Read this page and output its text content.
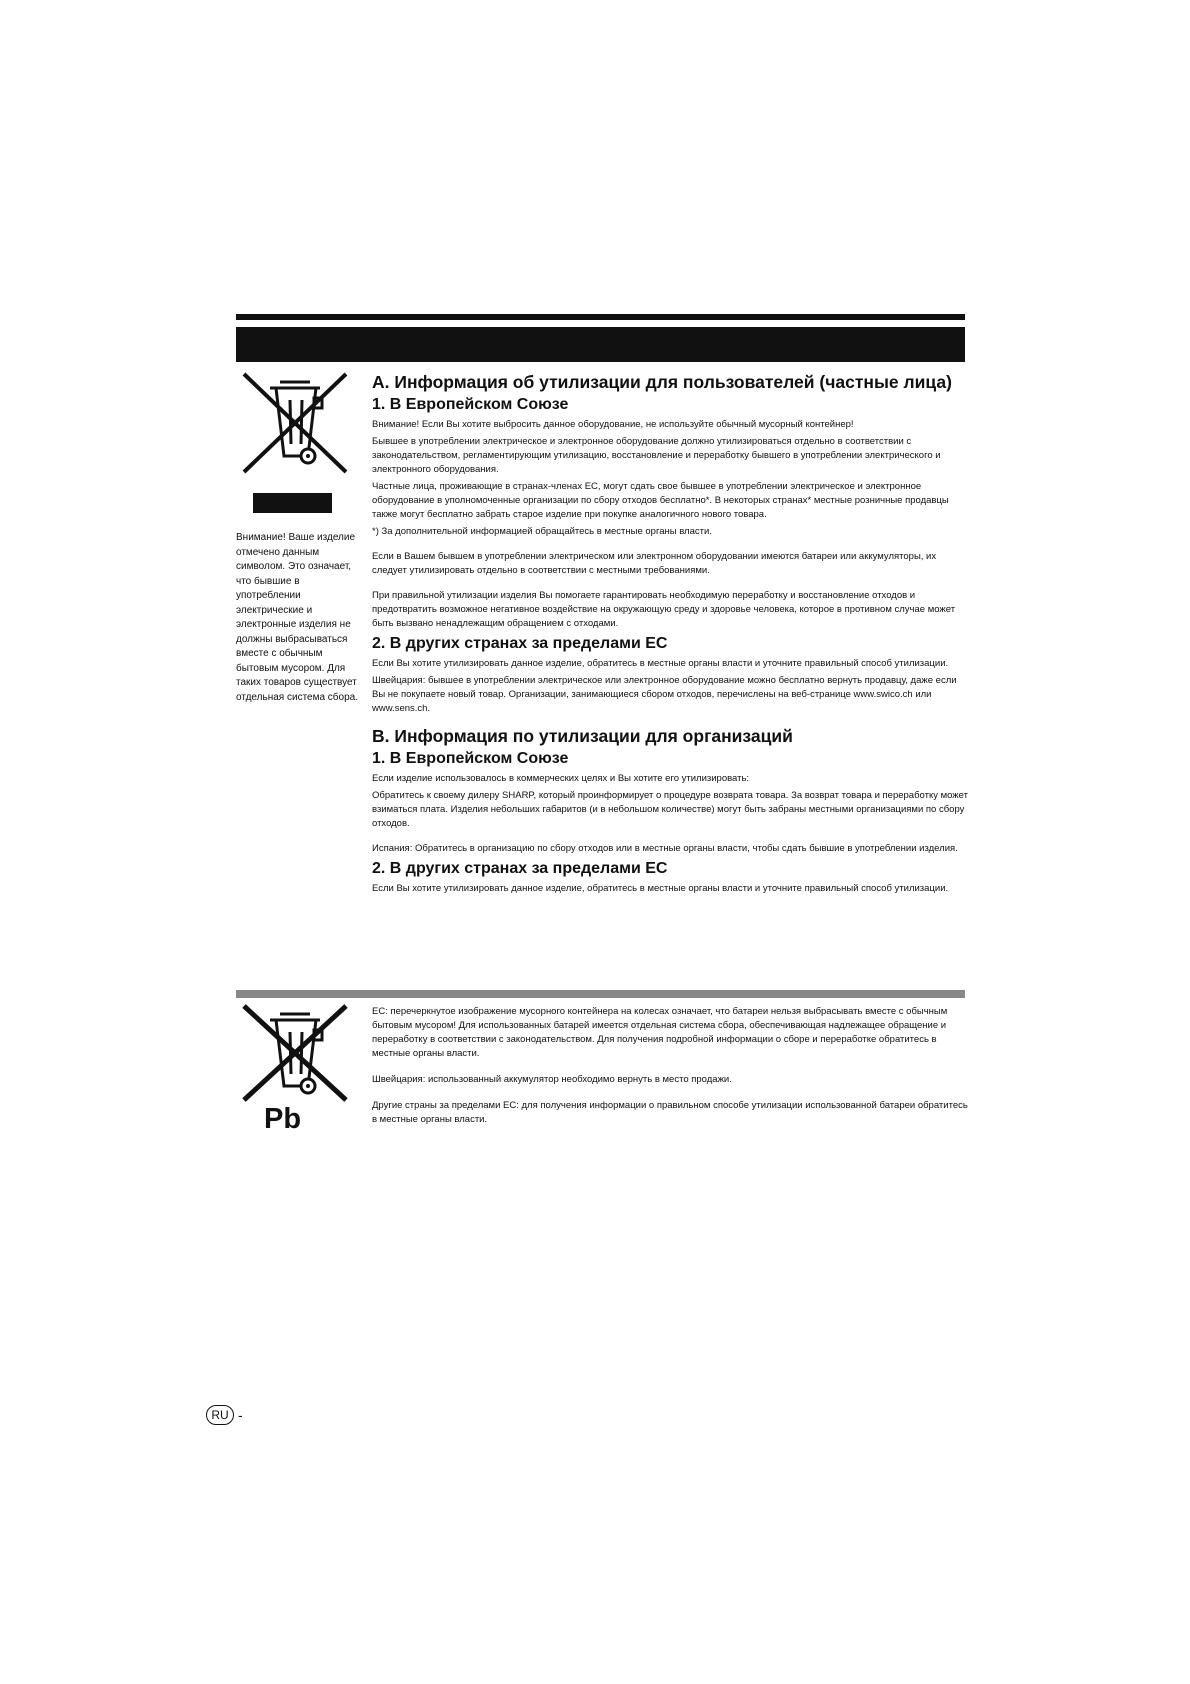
Внимание! Ваше изделие отмечено данным символом. Это означает, что бывшие в употреблении электрические и электронные изделия не должны выбрасываться вместе с обычным бытовым мусором. Для таких товаров существует отдельная система сбора.
А. Информация об утилизации для пользователей (частные лица)
1. В Европейском Союзе

Внимание! Если Вы хотите выбросить данное оборудование, не используйте обычный мусорный контейнер!

Бывшее в употреблении электрическое и электронное оборудование должно утилизироваться отдельно в соответствии с законодательством, регламентирующим утилизацию, восстановление и переработку бывшего в употреблении электрического и электронного оборудования.

Частные лица, проживающие в странах-членах ЕС, могут сдать свое бывшее в употреблении электрическое и электронное оборудование в уполномоченные организации по сбору отходов бесплатно*. В некоторых странах* местные розничные продавцы также могут бесплатно забрать старое изделие при покупке аналогичного нового товара.

*) За дополнительной информацией обращайтесь в местные органы власти.

Если в Вашем бывшем в употреблении электрическом или электронном оборудовании имеются батареи или аккумуляторы, их следует утилизировать отдельно в соответствии с местными требованиями.

При правильной утилизации изделия Вы помогаете гарантировать необходимую переработку и восстановление отходов и предотвратить возможное негативное воздействие на окружающую среду и здоровье человека, которое в противном случае может быть вызвано ненадлежащим обращением с отходами.

2. В других странах за пределами ЕС

Если Вы хотите утилизировать данное изделие, обратитесь в местные органы власти и уточните правильный способ утилизации.

Швейцария: бывшее в употреблении электрическое или электронное оборудование можно бесплатно вернуть продавцу, даже если Вы не покупаете новый товар. Организации, занимающиеся сбором отходов, перечислены на веб-странице www.swico.ch или www.sens.ch.

B. Информация по утилизации для организаций
1. В Европейском Союзе

Если изделие использовалось в коммерческих целях и Вы хотите его утилизировать:

Обратитесь к своему дилеру SHARP, который проинформирует о процедуре возврата товара. За возврат товара и переработку может взиматься плата. Изделия небольших габаритов (и в небольшом количестве) могут быть забраны местными организациями по сбору отходов.

Испания: Обратитесь в организацию по сбору отходов или в местные органы власти, чтобы сдать бывшие в употреблении изделия.

2. В других странах за пределами ЕС

Если Вы хотите утилизировать данное изделие, обратитесь в местные органы власти и уточните правильный способ утилизации.

Pb

ЕС: перечеркнутое изображение мусорного контейнера на колесах означает, что батареи нельзя выбрасывать вместе с обычным бытовым мусором! Для использованных батарей имеется отдельная система сбора, обеспечивающая надлежащее обращение и переработку в соответствии с законодательством. Для получения подробной информации о сборе и переработке обратитесь в местные органы власти.

Швейцария: использованный аккумулятор необходимо вернуть в место продажи.

Другие страны за пределами ЕС: для получения информации о правильном способе утилизации использованной батареи обратитесь в местные органы власти.

RU -
